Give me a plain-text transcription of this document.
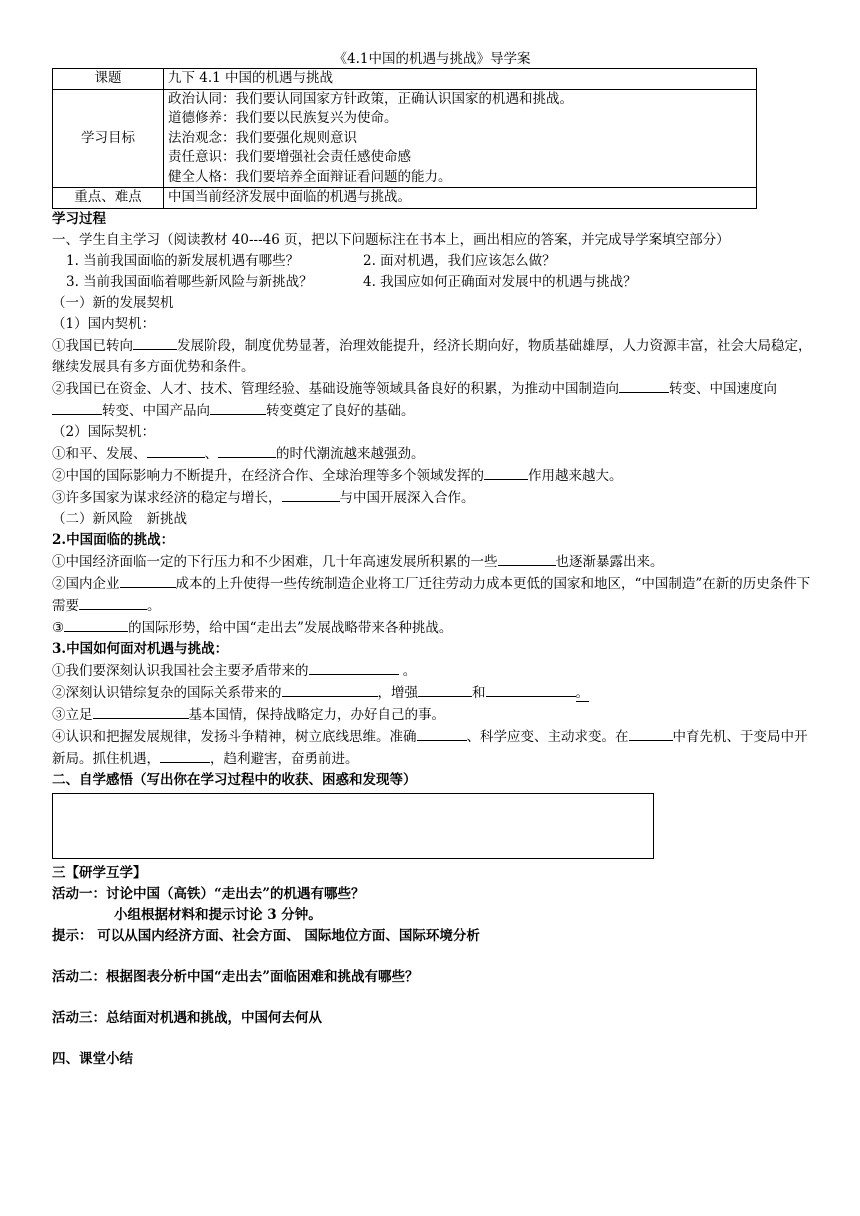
《4.1中国的机遇与挑战》导学案
课题	九下 4.1 中国的机遇与挑战
学习目标	政治认同：我们要认同国家方针政策，正确认识国家的机遇和挑战。
道德修养：我们要以民族复兴为使命。
法治观念：我们要强化规则意识
责任意识：我们要增强社会责任感使命感
健全人格：我们要培养全面辩证看问题的能力。

重点、难点	中国当前经济发展中面临的机遇与挑战。
学习过程
一、学生自主学习（阅读教材 40---46 页，把以下问题标注在书本上，画出相应的答案，并完成导学案填空部分）
1. 当前我国面临的新发展机遇有哪些？	2. 面对机遇，我们应该怎么做？
3. 当前我国面临着哪些新风险与新挑战？	4. 我国应如何正确面对发展中的机遇与挑战？
（一）新的发展契机
（1）国内契机：
①我国已转向	发展阶段，制度优势显著，治理效能提升，经济长期向好，物质基础雄厚，人力资源丰富，社会大局稳定，继续发展具有多方面优势和条件。
②我国已在资金、人才、技术、管理经验、基础设施等领域具备良好的积累，为推动中国制造向	转变、中国速度向转变、中国产品向	转变奠定了良好的基础。
（2）国际契机：
①和平、发展、	、	的时代潮流越来越强劲。
②中国的国际影响力不断提升，在经济合作、全球治理等多个领域发挥的	作用越来越大。
③许多国家为谋求经济的稳定与增长，	与中国开展深入合作。
（二）新风险　新挑战
2.中国面临的挑战：
①中国经济面临一定的下行压力和不少困难，几十年高速发展所积累的一些	也逐渐暴露出来。
②国内企业	成本的上升使得一些传统制造企业将工厂迁往劳动力成本更低的国家和地区，“中国制造”在新的历史条件下需要	。
③	的国际形势，给中国“走出去”发展战略带来各种挑战。
3.中国如何面对机遇与挑战：
①我们要深刻认识我国社会主要矛盾带来的	。
②深刻认识错综复杂的国际关系带来的	，增强	和	。
③立足	基本国情，保持战略定力，办好自己的事。
④认识和把握发展规律，发扬斗争精神，树立底线思维。准确	、科学应变、主动求变。在	中育先机、于变局中开新局。抓住机遇，	，趋利避害，奋勇前进。
二、自学感悟（写出你在学习过程中的收获、困惑和发现等）
三【研学互学】
活动一：讨论中国（高铁）“走出去”的机遇有哪些？
小组根据材料和提示讨论 3 分钟。
提示： 可以从国内经济方面、社会方面、 国际地位方面、国际环境分析
活动二：根据图表分析中国“走出去”面临困难和挑战有哪些？
活动三：总结面对机遇和挑战，中国何去何从
四、课堂小结
